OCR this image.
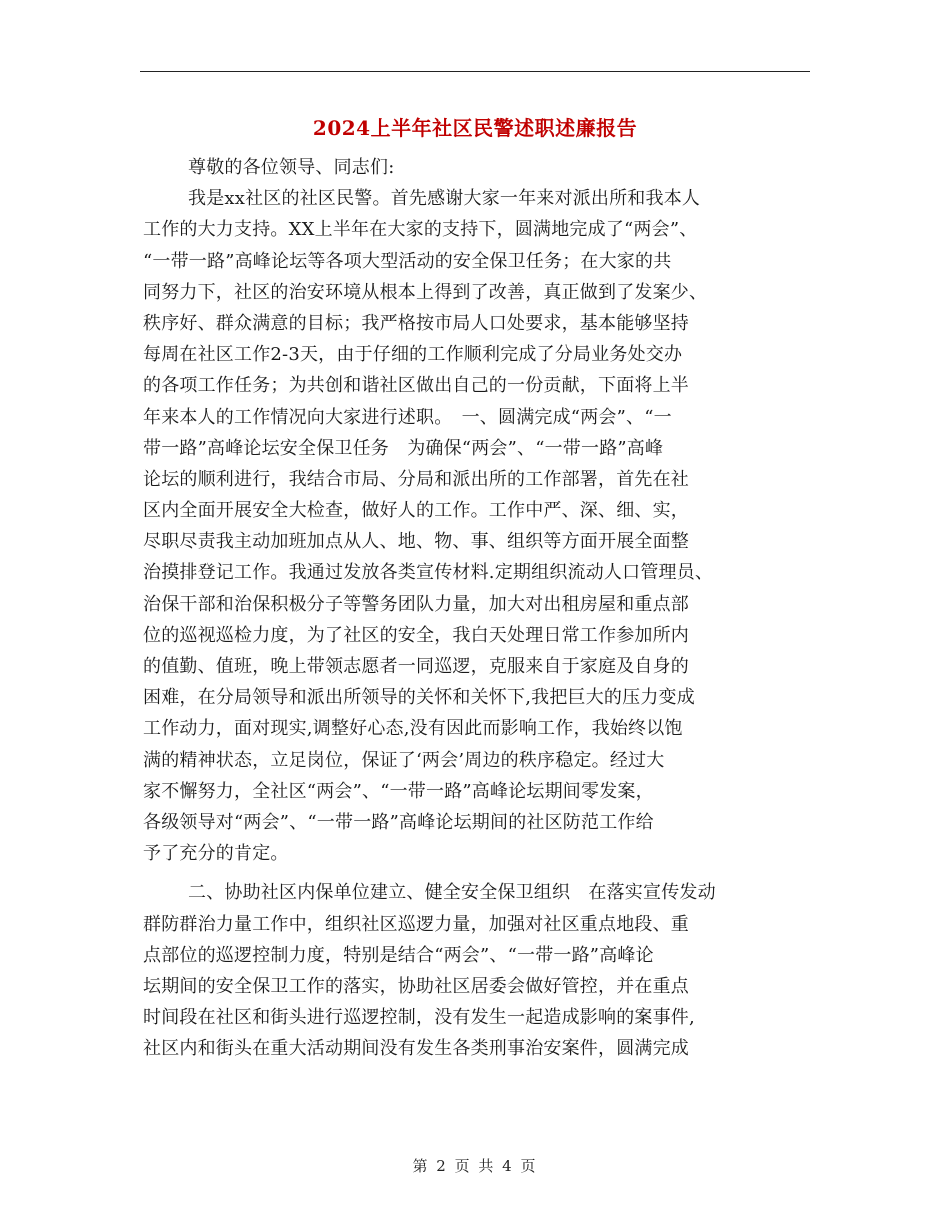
2024上半年社区民警述职述廉报告
尊敬的各位领导、同志们:
我是xx社区的社区民警。首先感谢大家一年来对派出所和我本人
工作的大力支持。XX上半年在大家的支持下，圆满地完成了“两会”、
“一带一路”高峰论坛等各项大型活动的安全保卫任务；在大家的共
同努力下，社区的治安环境从根本上得到了改善，真正做到了发案少、
秩序好、群众满意的目标；我严格按市局人口处要求，基本能够坚持
每周在社区工作2-3天，由于仔细的工作顺利完成了分局业务处交办
的各项工作任务；为共创和谐社区做出自己的一份贡献，下面将上半
年来本人的工作情况向大家进行述职。　一、圆满完成“两会”、“一
带一路”高峰论坛安全保卫任务　为确保“两会”、“一带一路”高峰
论坛的顺利进行，我结合市局、分局和派出所的工作部署，首先在社
区内全面开展安全大检查，做好人的工作。工作中严、深、细、实，
尽职尽责我主动加班加点从人、地、物、事、组织等方面开展全面整
治摸排登记工作。我通过发放各类宣传材料.定期组织流动人口管理员、
治保干部和治保积极分子等警务团队力量，加大对出租房屋和重点部
位的巡视巡检力度，为了社区的安全，我白天处理日常工作参加所内
的值勤、值班，晚上带领志愿者一同巡逻，克服来自于家庭及自身的
困难，在分局领导和派出所领导的关怀和关怀下,我把巨大的压力变成
工作动力，面对现实,调整好心态,没有因此而影响工作，我始终以饱
满的精神状态，立足岗位，保证了‘两会’周边的秩序稳定。经过大
家不懈努力，全社区“两会”、“一带一路”高峰论坛期间零发案，
各级领导对“两会”、“一带一路”高峰论坛期间的社区防范工作给
予了充分的肯定。
二、协助社区内保单位建立、健全安全保卫组织　在落实宣传发动
群防群治力量工作中，组织社区巡逻力量，加强对社区重点地段、重
点部位的巡逻控制力度，特别是结合“两会”、“一带一路”高峰论
坛期间的安全保卫工作的落实，协助社区居委会做好管控，并在重点
时间段在社区和街头进行巡逻控制，没有发生一起造成影响的案事件,
社区内和街头在重大活动期间没有发生各类刑事治安案件，圆满完成
第 2 页 共 4 页
